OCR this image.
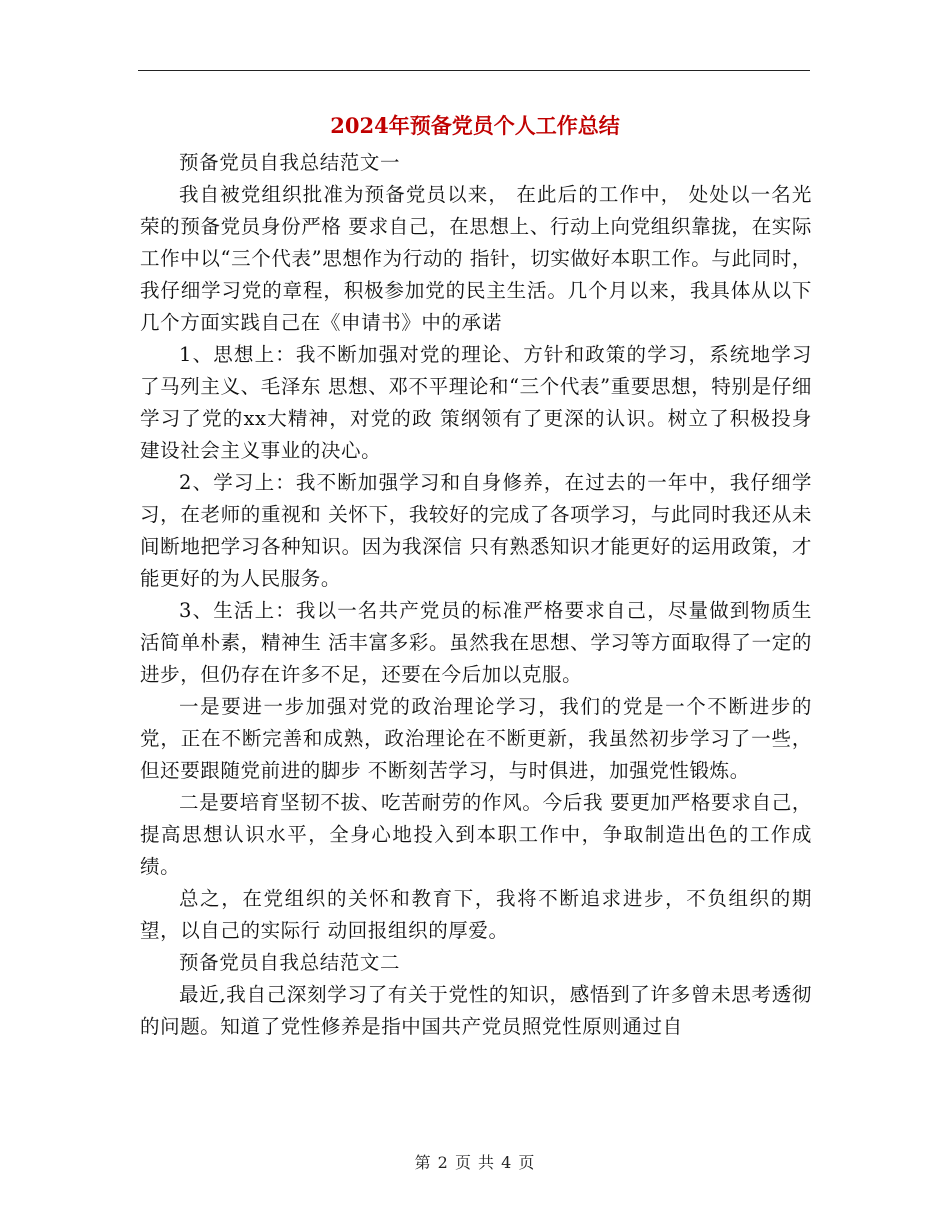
2024年预备党员个人工作总结

预备党员自我总结范文一

我自被党组织批准为预备党员以来， 在此后的工作中， 处处以一名光荣的预备党员身份严格 要求自己，在思想上、行动上向党组织靠拢，在实际工作中以“三个代表”思想作为行动的 指针，切实做好本职工作。与此同时，我仔细学习党的章程，积极参加党的民主生活。几个月以来，我具体从以下几个方面实践自己在《申请书》中的承诺

1、思想上：我不断加强对党的理论、方针和政策的学习，系统地学习了马列主义、毛泽东 思想、邓不平理论和“三个代表”重要思想，特别是仔细学习了党的xx大精神，对党的政 策纲领有了更深的认识。树立了积极投身建设社会主义事业的决心。

2、学习上：我不断加强学习和自身修养，在过去的一年中，我仔细学习，在老师的重视和 关怀下，我较好的完成了各项学习，与此同时我还从未间断地把学习各种知识。因为我深信 只有熟悉知识才能更好的运用政策，才能更好的为人民服务。

3、生活上：我以一名共产党员的标准严格要求自己，尽量做到物质生活简单朴素，精神生 活丰富多彩。虽然我在思想、学习等方面取得了一定的进步，但仍存在许多不足，还要在今后加以克服。

一是要进一步加强对党的政治理论学习，我们的党是一个不断进步的党，正在不断完善和成熟，政治理论在不断更新，我虽然初步学习了一些，但还要跟随党前进的脚步 不断刻苦学习，与时俱进，加强党性锻炼。

二是要培育坚韧不拔、吃苦耐劳的作风。今后我 要更加严格要求自己，提高思想认识水平，全身心地投入到本职工作中，争取制造出色的工作成绩。

总之，在党组织的关怀和教育下，我将不断追求进步，不负组织的期望，以自己的实际行 动回报组织的厚爱。

预备党员自我总结范文二

最近,我自己深刻学习了有关于党性的知识，感悟到了许多曾未思考透彻的问题。知道了党性修养是指中国共产党员照党性原则通过自

第 2 页 共 4 页
